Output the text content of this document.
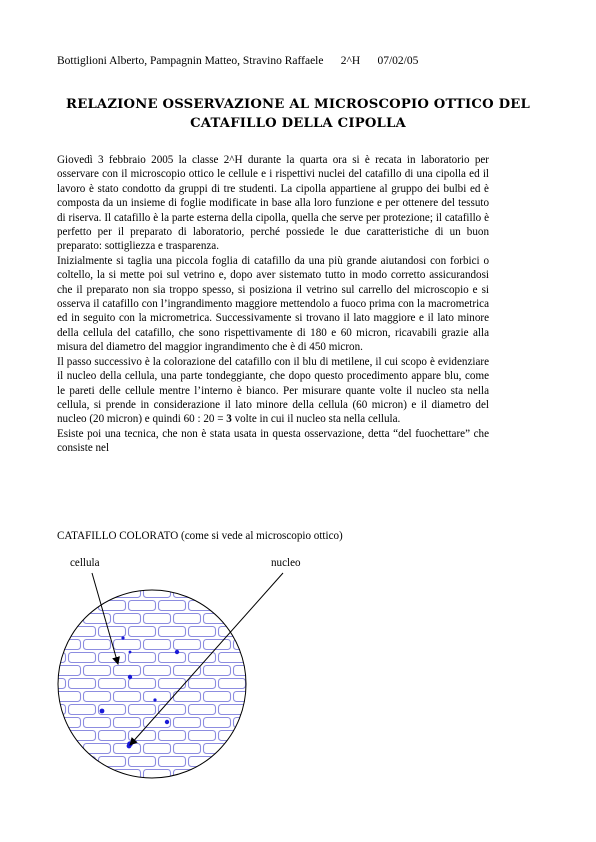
Bottiglioni Alberto, Pampagnin Matteo, Stravino Raffaele 2^H 07/02/05
RELAZIONE OSSERVAZIONE AL MICROSCOPIO OTTICO DEL
CATAFILLO DELLA CIPOLLA

Giovedì 3 febbraio 2005 la classe 2^H durante la quarta ora si è recata in laboratorio per osservare con il microscopio ottico le cellule e i rispettivi nuclei del catafillo di una cipolla ed il lavoro è stato condotto da gruppi di tre studenti. La cipolla appartiene al gruppo dei bulbi ed è composta da un insieme di foglie modificate in base alla loro funzione e per ottenere del tessuto di riserva. Il catafillo è la parte esterna della cipolla, quella che serve per protezione; il catafillo è perfetto per il preparato di laboratorio, perché possiede le due caratteristiche di un buon preparato: sottigliezza e trasparenza.

Inizialmente si taglia una piccola foglia di catafillo da una più grande aiutandosi con forbici o coltello, la si mette poi sul vetrino e, dopo aver sistemato tutto in modo corretto assicurandosi che il preparato non sia troppo spesso, si posiziona il vetrino sul carrello del microscopio e si osserva il catafillo con l’ingrandimento maggiore mettendolo a fuoco prima con la macrometrica ed in seguito con la micrometrica. Successivamente si trovano il lato maggiore e il lato minore della cellula del catafillo, che sono rispettivamente di 180 e 60 micron, ricavabili grazie alla misura del diametro del maggior ingrandimento che è di 450 micron.

Il passo successivo è la colorazione del catafillo con il blu di metilene, il cui scopo è evidenziare il nucleo della cellula, una parte tondeggiante, che dopo questo procedimento appare blu, come le pareti delle cellule mentre l’interno è bianco. Per misurare quante volte il nucleo sta nella cellula, si prende in considerazione il lato minore della cellula (60 micron) e il diametro del nucleo (20 micron) e quindi 60 : 20 = 3 volte in cui il nucleo sta nella cellula.

Esiste poi una tecnica, che non è stata usata in questa osservazione, detta “del fuochettare” che consiste nel

CATAFILLO COLORATO (come si vede al microscopio ottico)
cellula	nucleo
